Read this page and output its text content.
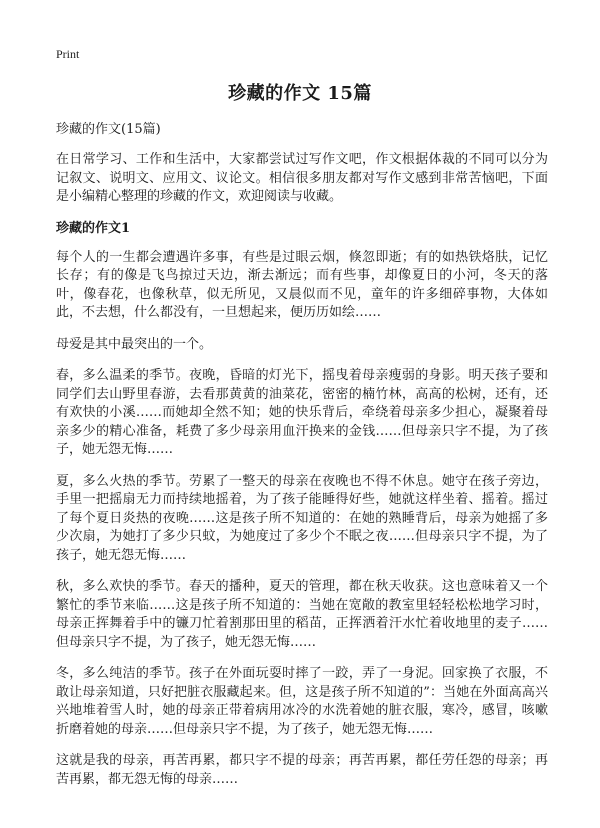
Print
珍藏的作文 15篇
珍藏的作文(15篇)

在日常学习、工作和生活中，大家都尝试过写作文吧，作文根据体裁的不同可以分为记叙文、说明文、应用文、议论文。相信很多朋友都对写作文感到非常苦恼吧，下面是小编精心整理的珍藏的作文，欢迎阅读与收藏。

珍藏的作文1

每个人的一生都会遭遇许多事，有些是过眼云烟，倏忽即逝；有的如热铁烙肤，记忆长存；有的像是飞鸟掠过天边，渐去渐远；而有些事，却像夏日的小河，冬天的落叶，像春花，也像秋草，似无所见，又晨似而不见，童年的许多细碎事物，大体如此，不去想，什么都没有，一旦想起来，便历历如绘……

母爱是其中最突出的一个。

春，多么温柔的季节。夜晚，昏暗的灯光下，摇曳着母亲瘦弱的身影。明天孩子要和同学们去山野里春游，去看那黄黄的油菜花，密密的楠竹林，高高的松树，还有，还有欢快的小溪……而她却全然不知；她的快乐背后，牵绕着母亲多少担心，凝聚着母亲多少的精心准备，耗费了多少母亲用血汗换来的金钱……但母亲只字不提，为了孩子，她无怨无悔……

夏，多么火热的季节。劳累了一整天的母亲在夜晚也不得不休息。她守在孩子旁边，手里一把摇扇无力而持续地摇着，为了孩子能睡得好些，她就这样坐着、摇着。摇过了每个夏日炎热的夜晚……这是孩子所不知道的：在她的熟睡背后，母亲为她摇了多少次扇，为她打了多少只蚊，为她度过了多少个不眠之夜……但母亲只字不提，为了孩子，她无怨无悔……

秋，多么欢快的季节。春天的播种，夏天的管理，都在秋天收获。这也意味着又一个繁忙的季节来临……这是孩子所不知道的：当她在宽敞的教室里轻轻松松地学习时，母亲正挥舞着手中的镰刀忙着割那田里的稻苗，正挥洒着汗水忙着收地里的麦子……但母亲只字不提，为了孩子，她无怨无悔……

冬，多么纯洁的季节。孩子在外面玩耍时摔了一跤，弄了一身泥。回家换了衣服，不敢让母亲知道，只好把脏衣服藏起来。但，这是孩子所不知道的”：当她在外面高高兴兴地堆着雪人时，她的母亲正带着病用冰冷的水洗着她的脏衣服，寒冷，感冒，咳嗽折磨着她的母亲……但母亲只字不提，为了孩子，她无怨无悔……

这就是我的母亲，再苦再累，都只字不提的母亲；再苦再累，都任劳任怨的母亲；再苦再累，都无怨无悔的母亲……
